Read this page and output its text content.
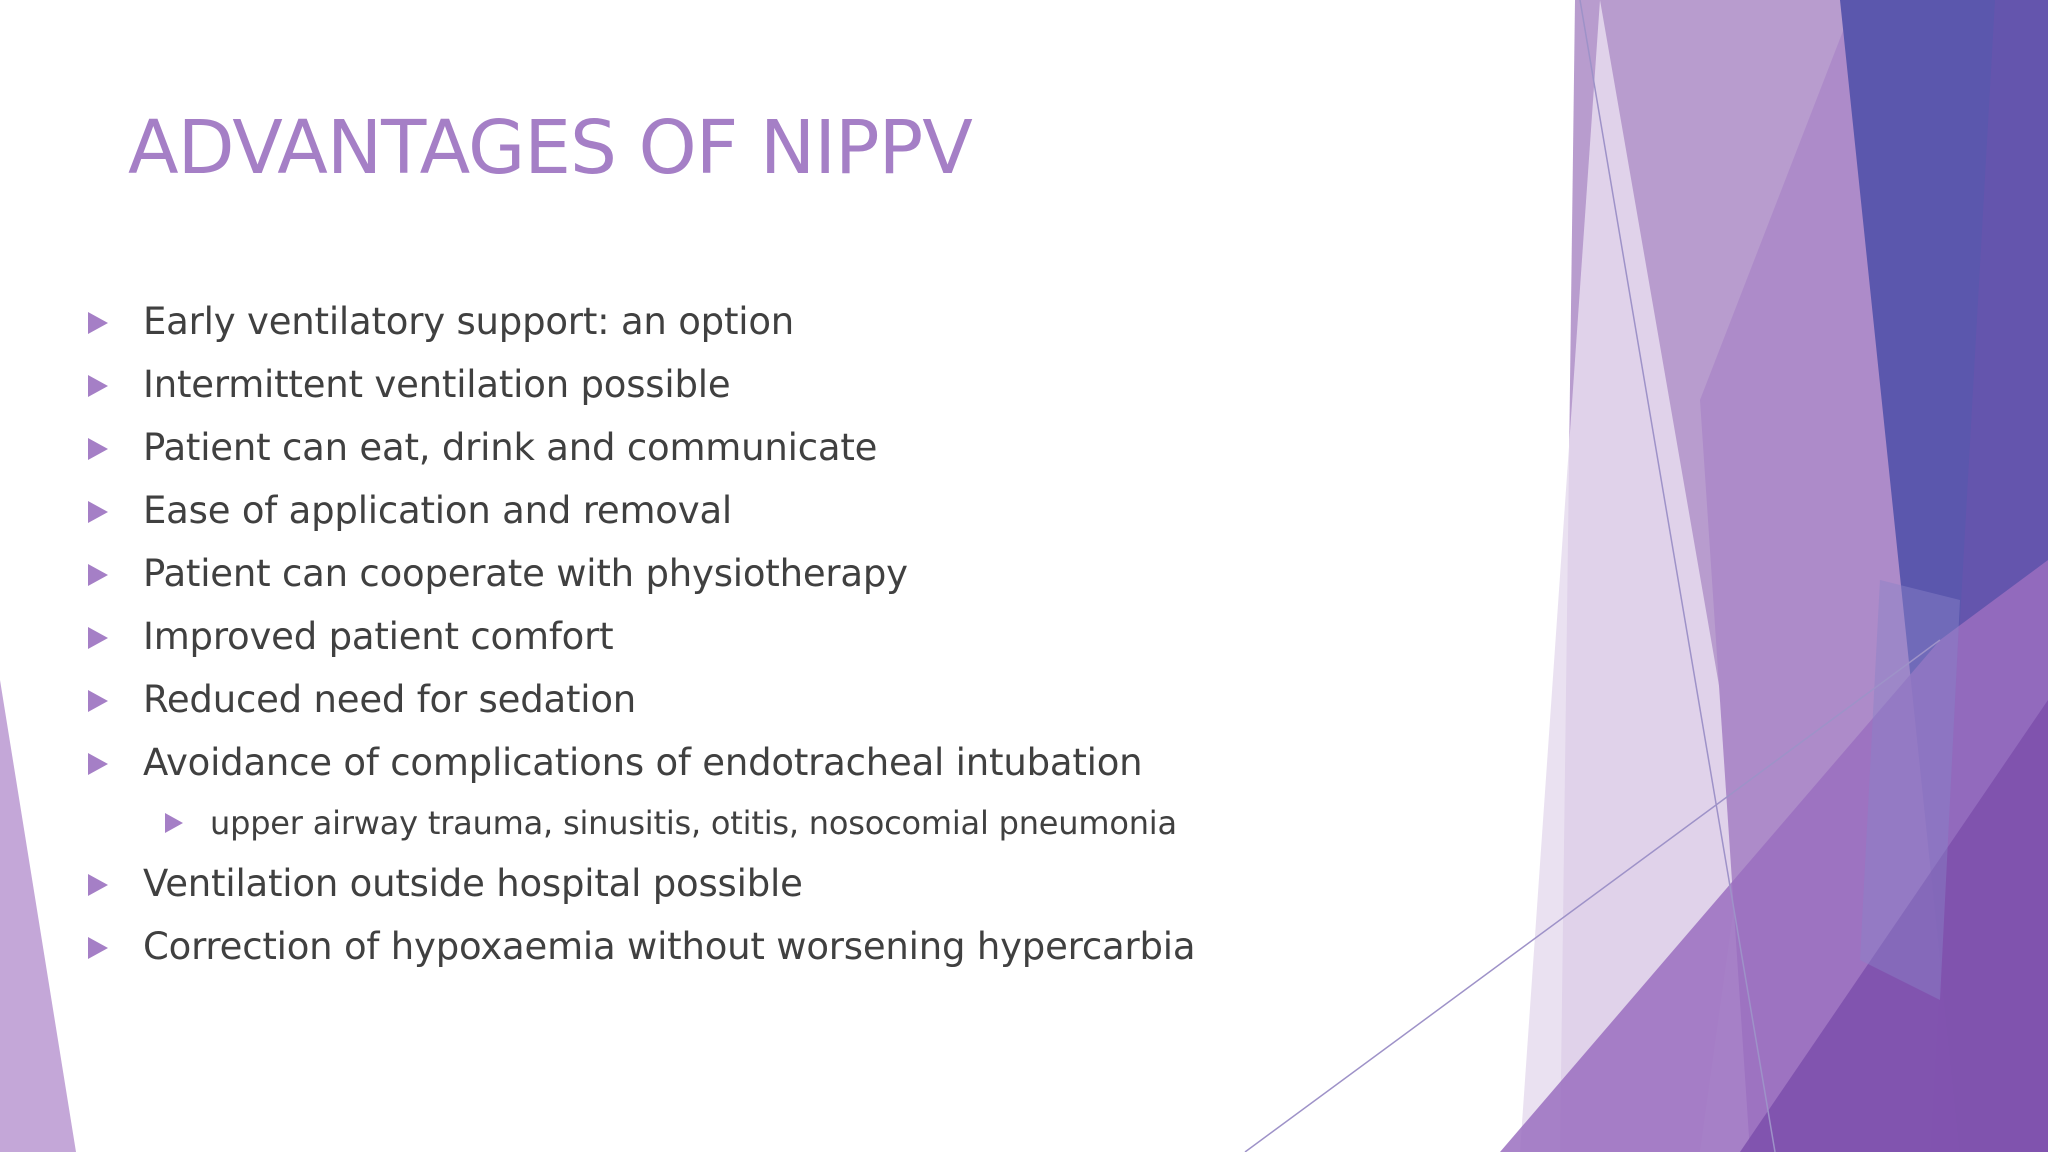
ADVANTAGES OF NIPPV
Early ventilatory support: an option
Intermittent ventilation possible
Patient can eat, drink and communicate
Ease of application and removal
Patient can cooperate with physiotherapy
Improved patient comfort
Reduced need for sedation
Avoidance of complications of endotracheal intubation
upper airway trauma, sinusitis, otitis, nosocomial pneumonia
Ventilation outside hospital possible
Correction of hypoxaemia without worsening hypercarbia
